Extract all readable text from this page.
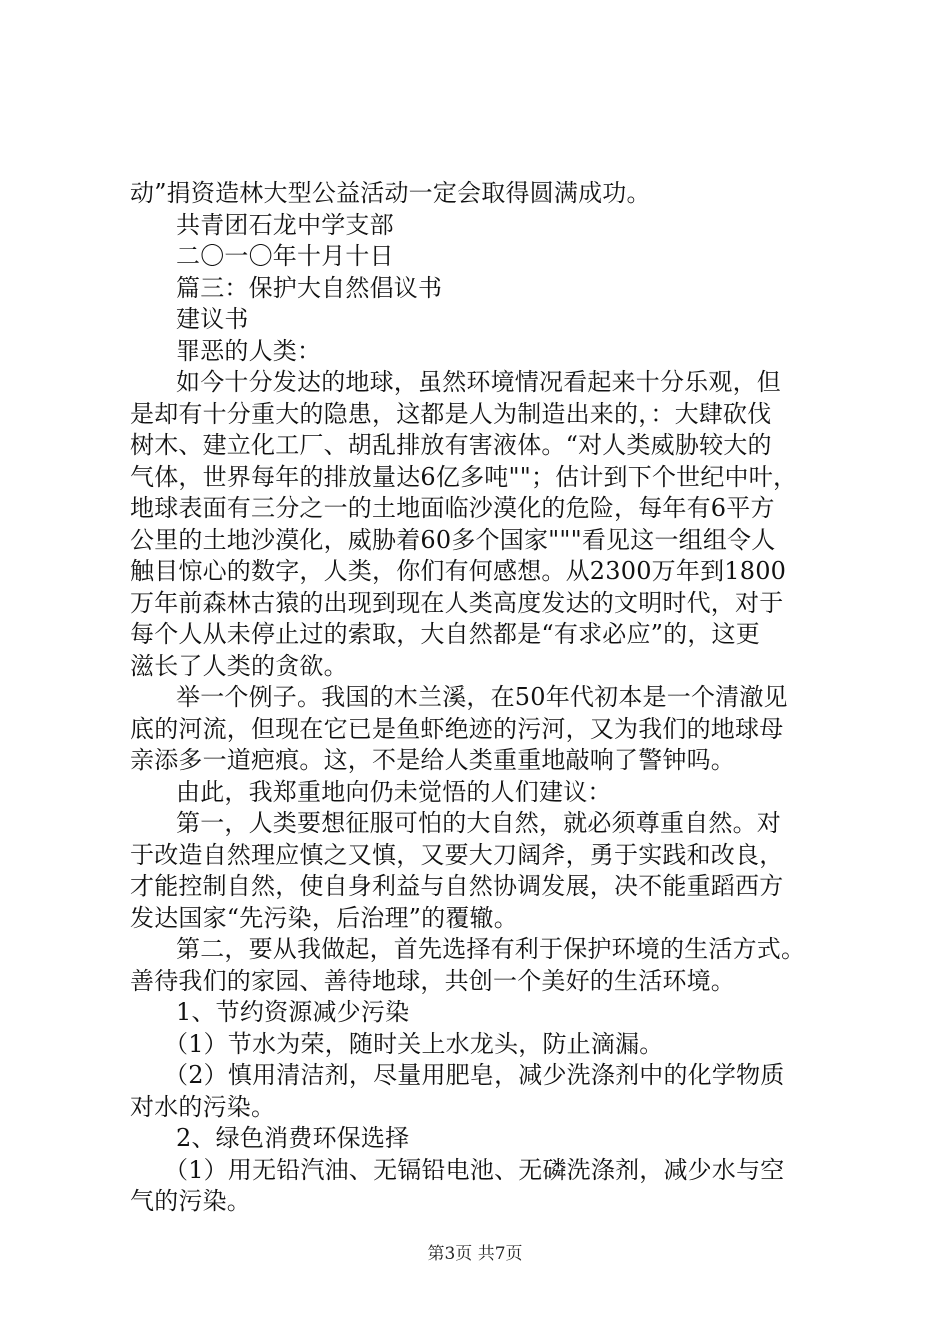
动”捐资造林大型公益活动一定会取得圆满成功。
共青团石龙中学支部
二〇一〇年十月十日
篇三：保护大自然倡议书
建议书
罪恶的人类：
如今十分发达的地球，虽然环境情况看起来十分乐观，但
是却有十分重大的隐患，这都是人为制造出来的，：大肆砍伐
树木、建立化工厂、胡乱排放有害液体。“对人类威胁较大的
气体，世界每年的排放量达6亿多吨""；估计到下个世纪中叶，
地球表面有三分之一的土地面临沙漠化的危险，每年有6平方
公里的土地沙漠化，威胁着60多个国家"""看见这一组组令人
触目惊心的数字，人类，你们有何感想。从2300万年到1800
万年前森林古猿的出现到现在人类高度发达的文明时代，对于
每个人从未停止过的索取，大自然都是“有求必应”的，这更
滋长了人类的贪欲。
举一个例子。我国的木兰溪，在50年代初本是一个清澈见
底的河流，但现在它已是鱼虾绝迹的污河，又为我们的地球母
亲添多一道疤痕。这，不是给人类重重地敲响了警钟吗。
由此，我郑重地向仍未觉悟的人们建议：
第一，人类要想征服可怕的大自然，就必须尊重自然。对
于改造自然理应慎之又慎，又要大刀阔斧，勇于实践和改良，
才能控制自然，使自身利益与自然协调发展，决不能重蹈西方
发达国家“先污染，后治理”的覆辙。
第二，要从我做起，首先选择有利于保护环境的生活方式。
善待我们的家园、善待地球，共创一个美好的生活环境。
1、节约资源减少污染
（1）节水为荣，随时关上水龙头，防止滴漏。
（2）慎用清洁剂，尽量用肥皂，减少洗涤剂中的化学物质
对水的污染。
2、绿色消费环保选择
（1）用无铅汽油、无镉铅电池、无磷洗涤剂，减少水与空
气的污染。
第3页 共7页
